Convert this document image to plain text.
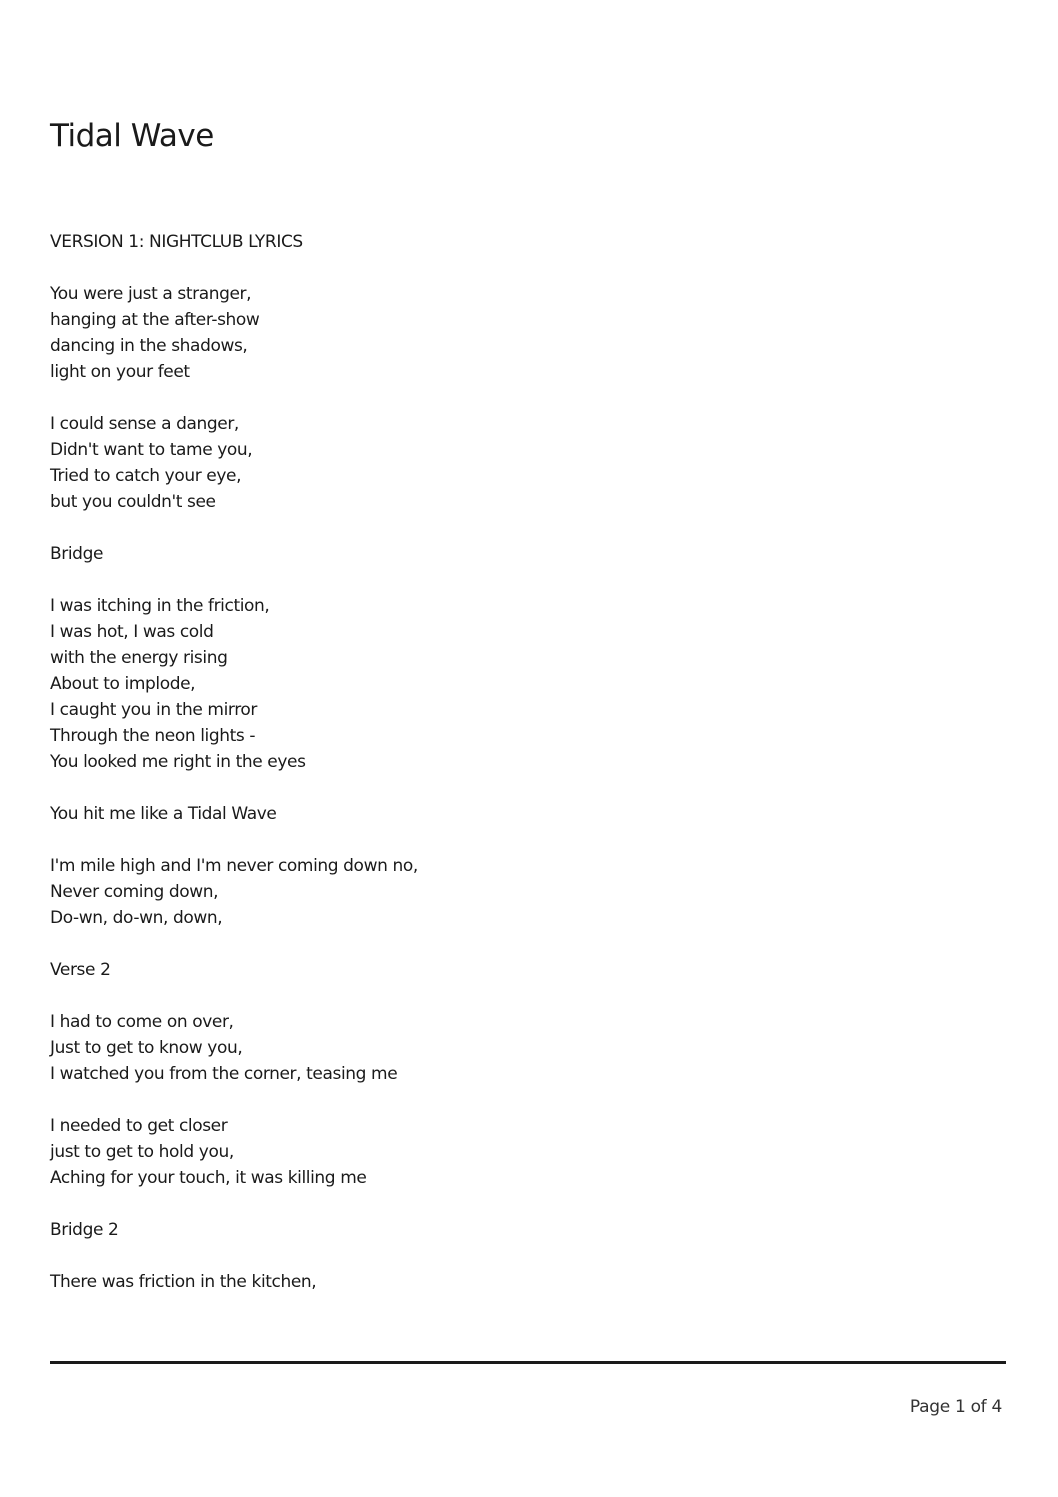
Tidal Wave
VERSION 1: NIGHTCLUB LYRICS
You were just a stranger,
hanging at the after-show
dancing in the shadows,
light on your feet
I could sense a danger,
Didn't want to tame you,
Tried to catch your eye,
but you couldn't see
Bridge
I was itching in the friction,
I was hot, I was cold
with the energy rising
About to implode,
I caught you in the mirror
Through the neon lights -
You looked me right in the eyes
You hit me like a Tidal Wave
I'm mile high and I'm never coming down no,
Never coming down,
Do-wn, do-wn, down,
Verse 2
I had to come on over,
Just to get to know you,
I watched you from the corner, teasing me
I needed to get closer
just to get to hold you,
Aching for your touch, it was killing me
Bridge 2
There was friction in the kitchen,
Page 1 of 4
